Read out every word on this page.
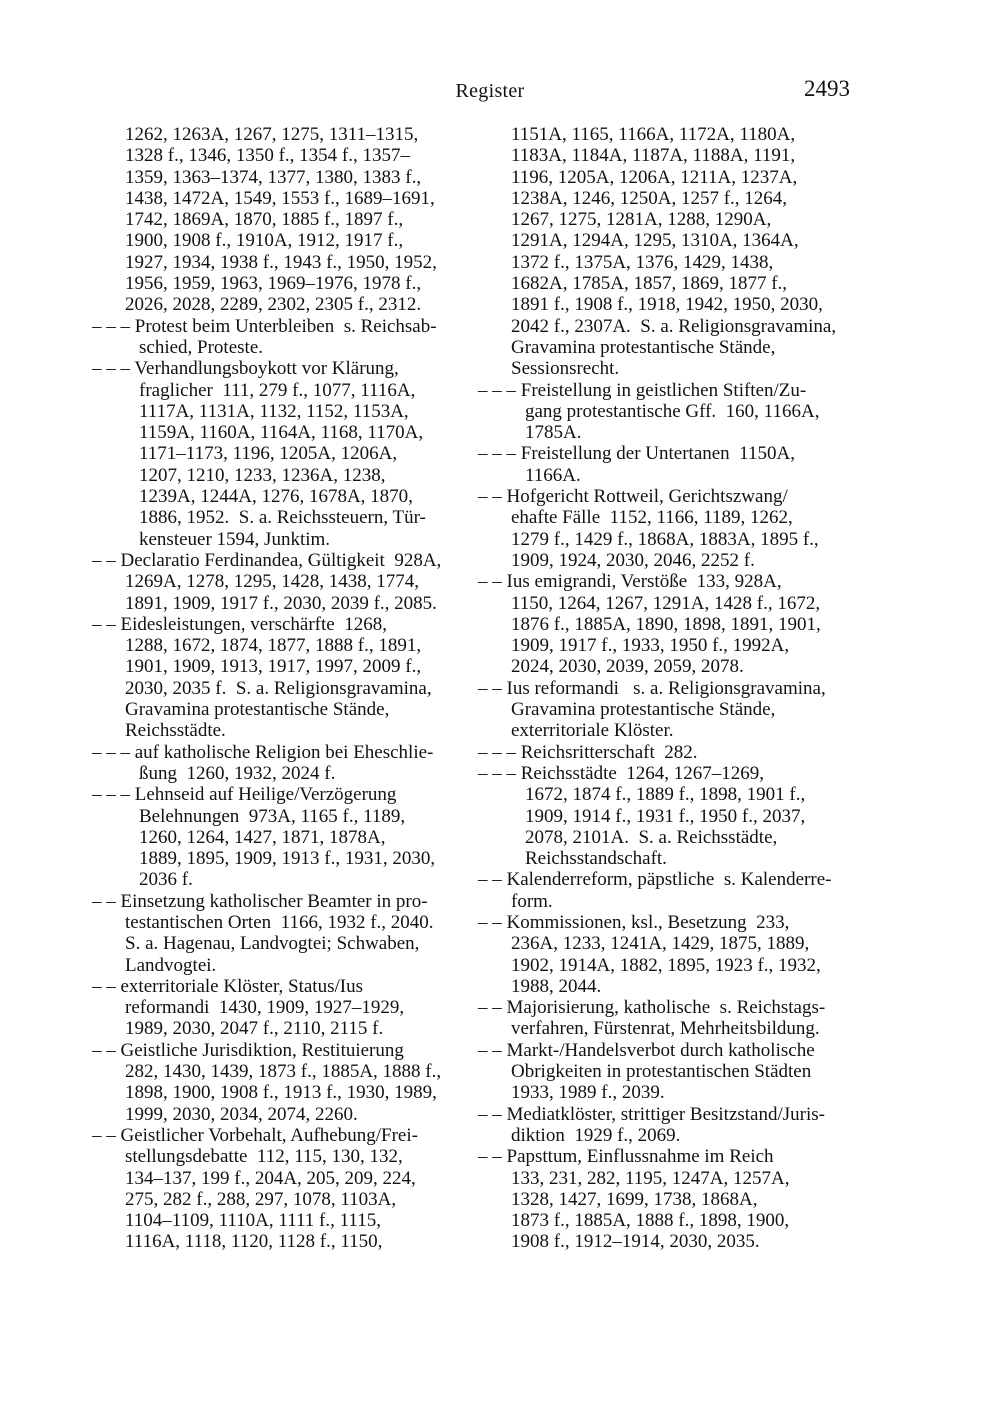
Register	2493
1262, 1263A, 1267, 1275, 1311–1315,
1328 f., 1346, 1350 f., 1354 f., 1357–
1359, 1363–1374, 1377, 1380, 1383 f.,
1438, 1472A, 1549, 1553 f., 1689–1691,
1742, 1869A, 1870, 1885 f., 1897 f.,
1900, 1908 f., 1910A, 1912, 1917 f.,
1927, 1934, 1938 f., 1943 f., 1950, 1952,
1956, 1959, 1963, 1969–1976, 1978 f.,
2026, 2028, 2289, 2302, 2305 f., 2312.
– – – Protest beim Unterbleiben  s. Reichsab-
schied, Proteste.
– – – Verhandlungsboykott vor Klärung,
fraglicher  111, 279 f., 1077, 1116A,
1117A, 1131A, 1132, 1152, 1153A,
1159A, 1160A, 1164A, 1168, 1170A,
1171–1173, 1196, 1205A, 1206A,
1207, 1210, 1233, 1236A, 1238,
1239A, 1244A, 1276, 1678A, 1870,
1886, 1952.  S. a. Reichssteuern, Tür-
kensteuer 1594, Junktim.
– – Declaratio Ferdinandea, Gültigkeit  928A,
1269A, 1278, 1295, 1428, 1438, 1774,
1891, 1909, 1917 f., 2030, 2039 f., 2085.
– – Eidesleistungen, verschärfte  1268,
1288, 1672, 1874, 1877, 1888 f., 1891,
1901, 1909, 1913, 1917, 1997, 2009 f.,
2030, 2035 f.  S. a. Religionsgravamina,
Gravamina protestantische Stände,
Reichsstädte.
– – – auf katholische Religion bei Eheschlie-
ßung  1260, 1932, 2024 f.
– – – Lehnseid auf Heilige/Verzögerung
Belehnungen  973A, 1165 f., 1189,
1260, 1264, 1427, 1871, 1878A,
1889, 1895, 1909, 1913 f., 1931, 2030,
2036 f.
– – Einsetzung katholischer Beamter in pro-
testantischen Orten  1166, 1932 f., 2040.
S. a. Hagenau, Landvogtei; Schwaben,
Landvogtei.
– – exterritoriale Klöster, Status/Ius
reformandi  1430, 1909, 1927–1929,
1989, 2030, 2047 f., 2110, 2115 f.
– – Geistliche Jurisdiktion, Restituierung
282, 1430, 1439, 1873 f., 1885A, 1888 f.,
1898, 1900, 1908 f., 1913 f., 1930, 1989,
1999, 2030, 2034, 2074, 2260.
– – Geistlicher Vorbehalt, Aufhebung/Frei-
stellungsdebatte  112, 115, 130, 132,
134–137, 199 f., 204A, 205, 209, 224,
275, 282 f., 288, 297, 1078, 1103A,
1104–1109, 1110A, 1111 f., 1115,
1116A, 1118, 1120, 1128 f., 1150,
1151A, 1165, 1166A, 1172A, 1180A,
1183A, 1184A, 1187A, 1188A, 1191,
1196, 1205A, 1206A, 1211A, 1237A,
1238A, 1246, 1250A, 1257 f., 1264,
1267, 1275, 1281A, 1288, 1290A,
1291A, 1294A, 1295, 1310A, 1364A,
1372 f., 1375A, 1376, 1429, 1438,
1682A, 1785A, 1857, 1869, 1877 f.,
1891 f., 1908 f., 1918, 1942, 1950, 2030,
2042 f., 2307A.  S. a. Religionsgravamina,
Gravamina protestantische Stände,
Sessionsrecht.
– – – Freistellung in geistlichen Stiften/Zu-
gang protestantische Gff.  160, 1166A,
1785A.
– – – Freistellung der Untertanen  1150A,
1166A.
– – Hofgericht Rottweil, Gerichtszwang/
ehafte Fälle  1152, 1166, 1189, 1262,
1279 f., 1429 f., 1868A, 1883A, 1895 f.,
1909, 1924, 2030, 2046, 2252 f.
– – Ius emigrandi, Verstöße  133, 928A,
1150, 1264, 1267, 1291A, 1428 f., 1672,
1876 f., 1885A, 1890, 1898, 1891, 1901,
1909, 1917 f., 1933, 1950 f., 1992A,
2024, 2030, 2039, 2059, 2078.
– – Ius reformandi   s. a. Religionsgravamina,
Gravamina protestantische Stände,
exterritoriale Klöster.
– – – Reichsritterschaft  282.
– – – Reichsstädte  1264, 1267–1269,
1672, 1874 f., 1889 f., 1898, 1901 f.,
1909, 1914 f., 1931 f., 1950 f., 2037,
2078, 2101A.  S. a. Reichsstädte,
Reichsstandschaft.
– – Kalenderreform, päpstliche  s. Kalenderre-
form.
– – Kommissionen, ksl., Besetzung  233,
236A, 1233, 1241A, 1429, 1875, 1889,
1902, 1914A, 1882, 1895, 1923 f., 1932,
1988, 2044.
– – Majorisierung, katholische  s. Reichstags-
verfahren, Fürstenrat, Mehrheitsbildung.
– – Markt-/Handelsverbot durch katholische
Obrigkeiten in protestantischen Städten
1933, 1989 f., 2039.
– – Mediatklöster, strittiger Besitzstand/Juris-
diktion  1929 f., 2069.
– – Papsttum, Einflussnahme im Reich
133, 231, 282, 1195, 1247A, 1257A,
1328, 1427, 1699, 1738, 1868A,
1873 f., 1885A, 1888 f., 1898, 1900,
1908 f., 1912–1914, 2030, 2035.
